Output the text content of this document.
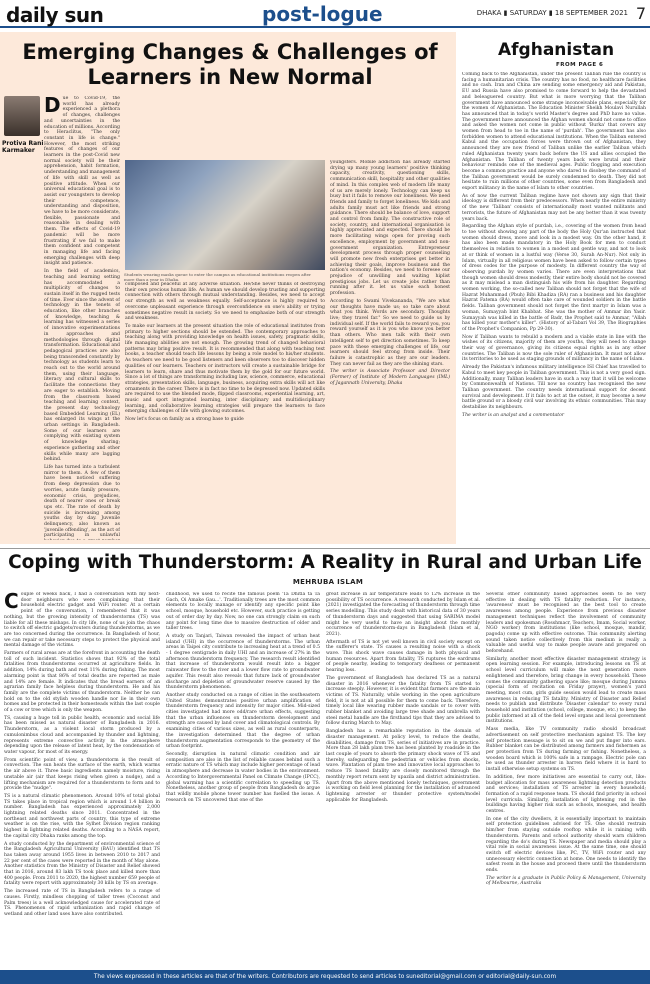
daily sun	post-logue	DHAKA ▮ SATURDAY ▮ 18 SEPTEMBER 2021 7
Emerging Changes & Challenges of Learners in New Normal
Protiva Rani Karmaker

Due to Covid-19, the world has already experienced a plethora of changes, challenges and uncertainties in the education of millions. According to Heraclitus, "The only constant in life is change." However, the most striking features of changes of our learners in the post-Covid new normal society will be their apprehension, habit formation, understanding and management of life with skill as well as positive attitude. When our universal educational goal is to assist our youngsters to develop their competence, understanding and disposition, we have to be more considerate, flexible, passionate and reasonable in dealing with them. The effects of Covid-19 pandemic will be more frustrating if we fail to make them confident and competent in managing life and facing emerging challenges with deep insight and patience.

In the field of academics, teaching and learning setting has accommodated a multiplicity of changes to sustain itself in the rugged tests of time. Ever since the advent of technology in the tenets of education, like other branches of knowledge, teaching & learning has witnessed a series of innovative experimentations in approaches and methodologies through digital transformation. Educational and pedagogical practices are also being transcended constantly by technology as students learn to reach out to the world around them, using their language, literacy and cultural skills to facilitate the connections they are eager to establish. Moving from the classroom based teaching and learning context, the present day technology based Embedded Learning (EL) has enlarged its wings at the urban settings in Bangladesh. Some of our learners are complying with existing system of knowledge sharing; experience gathering and other skills while many are lagging behind.

Life has turned into a turbulent mirror to them. A few of them have been noticed suffering from deep depression due to worries, acute family pressure, economic crisis, prejudices, death of nearer ones or break ups etc. The rate of death by suicide is increasing among youths day by day. Juvenile delinquency, also known as 'juvenile offending', as the act of participating in unlawful

Students wearing masks queue to enter the campus as educational institutions reopen after more than a year in Dhaka.

composed and peaceful at any adverse situation. He/She never thinks of destroying their own precious human life. As human we should develop trusting and supporting connection with others through mutual understanding. Besides, we need to accept our strength as well as weakness equally. Self-acceptance is highly required to overcome unpleasant experience through overconfidence on one's ability or trying sometimes negative result in society. So we need to emphasize both of our strength and weakness.

To make our learners at the present situation the role of educational institutes from primary to higher sections should be extended. The contemporary approaches to teaching along with providing knowledge on health issues, safety, pragmatic skills, life managing abilities are not enough. The growing trend of changed behavioral patterns may bring positive result. It is recommended that along with teaching text books, a teacher should teach life lessons by being a role model to his/her students. As teachers we need to be good listeners and keen observers too to discover hidden qualities of our learners. Teachers or instructors will create a sustainable bridge for learners to learn, share and thus motivate them by the gold for our future world. Since a lot of things are transforming including law, science, commerce, educational strategies, presentation skills, language, business, acquiring extra skills will act like ornaments in the career. There is in fact no time to be depressed now. Updated skills are required to use the blended mode, flipped classrooms, experiential learning, art, music and sport integrated learning, inter disciplinary and multidisciplinary learning, and collaborative learning strategies will prepare the learners to face emerging challenges of life with glowing outcomes.

Now let's focus on family as a strong base to guide

youngsters. Mobile addiction has already started drying up many young learners' positive thinking capacity, creativity, questioning skills, communication skill, hospitality and other qualities of mind. In this complex web of modern life many of us are merely lonely. Technology can keep us busy but it fails to remove our loneliness. We need friends and family to forget loneliness. We kids and adults family must act like friends and strong guidance. There should be balance of love, support and control from family. The constructive role of society, country, and international organisation is highly appreciated and expected. There should be more facilitating wings open for proving such excellence, employment by government and non-government organization. Entrepreneur development process through proper counseling will promote new fresh enterprises get better in achieving their goals, improve business and the nation's economy. Besides, we need to foresee our prejudice of unwilling and waiting hiplist prestigious jobs. Let us create jobs rather than running after it. let us value each honest profession.

According to Swami Vivekananda, "We are what our thoughts have made us; so take care about what you think. Words are secondary. Thoughts live; they travel far." So we need to guide us by individual self. If the world fails to reward you, you reward yourself as it is you who know you better than others. Who men talk with their own intelligent self to get direction sometimes. To keep pace with these emerging challenges of life, our learners should feel strong from inside. Their failure is catastrophic as they are our leaders. They can never fail as they are the shining stars.

The writer is Associate Professor and Director (Former) of Institute of Modern Languages (IML) of Jagannath University, Dhaka

Afghanistan
FROM PAGE 6

Coming back to the Afghanistan, under the present Taliban rule the country is facing a humanitarian crisis. The country has no food, no healthcare facilities and no cash. Iran and China are sending some emergency aid and Pakistan, EU and Russia have also promised to come forward to help the devastated and beleaguered country. But what is more worrying that the Taliban government have announced some strange inconceivable plans, especially for the women of Afghanistan. The Education Minister Sheikh Moulavi Nurullah has announced that in today's world Master's degree and PhD have no value. The government have announced the Afghan women should not come to office and asked the women not come in public without 'Burka' that covers any women from head to toe in the name of 'purdah'. The government has also forbidden women to attend educational institutions. When the Taliban entered Kabul and the occupation forces were thrown out of Afghanistan, they announced they are now friend of Taliban unlike the earlier Taliban which ruled Afghanistan twenty years back before the US and allies occupied the Afghanistan. The Taliban of twenty years back were brutal and their behaviour reminds one of the medieval ages. Public flogging and execution become a common practice and anyone who dared to disobey the command of the Taliban government would be surely condemned to death. They did not hesitate to ruin millions of other countries, some even from Bangladesh and export militancy in the name of Islam to other countries.

As of now the current Taliban regime have not shown any sign that their ideology is different from their predecessors. When nearly the entire ministry of the new 'Taliban' consists of internationally most wanted militants and terrorists, the future of Afghanistan may not be any better than it was twenty years back.

Regarding the Afghan style of purdah, i.e., covering of the women from head to toe without showing any part of the body the Holy Qur'an instructed that women should dress, move and look in a modest way. On the other hand, it has also been made mandatory in the Holy Book for men to conduct themselves in relation to women in a modest and gentle way, and not to look at or think of women in a lustful way (Verse 30, Surah An-Nur). Not only in Islam, virtually in all religious women have been asked to follow certain types of dress codes for the purpose of modesty. In different country the way of observing purdah by women varies. There are even interpretations that though women should dress modestly, their entire body should not be covered as it may mislead a man distinguish his wife from his daughter. Regarding women working, the so-called new Taliban should not forget that the wife of Hazrat Muhammad (Pbuh) Bibi Khadiza (RA) ran a business and his daughter Hazrat Fatema (RA) would often take care of wounded soldiers in the battle fields. Taliban government should not forget the first martyr in Islam was a woman, Sumayyah bint Khabbat. She was the mother of Ammar ibn Yasir. Sumayyah was killed in the battle of Badr, the Prophet said to Ammar, "Allah has killed your mother's killer". (History of al-Tabari Vol 39, The Biographies of the Prophet's Companion, Pp 29-30).

Now if Taliban wants to rebuild a modern and a viable state in line with the wishes of its citizens, majority of them are youths, they will need to change their way of governance, giving its citizens equal rights as in any other countries. The Taliban is now the sole ruler of Afghanistan. It must not allow its territories to be used as staging grounds of militancy in the name of Islam.

Already the Pakistan's infamous military intelligence ISI Chief has travelled to Kabul to meet key people in Taliban government. This is not a very good sign. Additionally, many Taliban leaders have in such a way that it will be welcome by Commonwealth of Nations. Till now no country has recognised the new Taliban government. The country needs international support for decent survival and development. If it fails to act at the outset, it may become a new battle ground or a bloody civil war involving its ethnic communities. This may destabilise its neighbours.

The writer is an analyst and a commentator

Coping with Thunderstorm: A Reality in Rural and Urban Life
MEHRUBA ISLAM

Couple of weeks back, I had a conversation with my next-door neighbours who were complaining that their household electric gadget and WiFi router. At a certain point of the conversation, I remembered that it was nothing, but the growing intensity of thunderstorms (TS) was liable for all these mishaps. In city life, none of us join the chaos to switch off electric gadgets/routers during thunderstorms, as we are too concerned during the occurrence. In Bangladesh of hour, we can repair or take necessary steps to protect the physical and mental damage of the victims.

Farmers of rural areas are at the forefront in accounting the death toll of such incident. Statistics shows that 92% of the total fatalities from thunderstorms occurred at agriculture fields. In addition, 14% during bath and rest 11% during fishing. The most alarming point is that 86% of total deaths are reported as male and 14% are female. It indicates that the bread earners of an agrarian family face helpless during thunderstorm. He and his family are the complete victims of thunderstorm. Neither he can hold on to the old stylish wooden handle nor lie in their own homes and be protected in their homesteads within the last couple of a cow or tree which is only the weapon.

TS, causing a huge toll in public health, economic and social life has been missed as natural disaster of Bangladesh in 2016. Thunderstorm, as a violent local storm produced by a cumulonimbus cloud and accompanied by thunder and lightning, represents extreme convective activity in the atmosphere depending upon the release of latent heat, by the condensation of water vapour, for most of its energy.

From scientific point of view, a thunderstorm is the result of convection. The sun heats the surface of the earth, which warms the air above it. Three basic ingredients namely moisture, rising unstable air (air that keeps rising when given a nudge), and a lifting mechanism are required for a thunderstorm to form and to provide the "nudge".

TS is a natural climatic phenomenon. Around 10% of total global TS takes place in tropical region which is around 1.4 billion in number. Bangladesh has experienced approximately 2,000 lightning related deaths since 2011. Concentrated in the northeast and northwest parts of country, this type of extreme weather is on the rise, with the Sylhet Division region ranking highest in lightning related deaths. According to a NASA report, the capital city Dhaka ranks among the top.

A study conducted by the department of environmental science of the Bangladesh Agricultural University (BAU) identified that TS has taken away around 1955 lives in between 2010 to 2017 and 22 per cent of the cases were reported in the month of May alone. Another statistics from the Ministry of Disaster and Relief showed that in 2016, around 83 lakh TS took place and killed more than 400 people. From 2011 to 2020, the highest number 659 people of fatality were report with approximately 30 kills by TS on average.

The increased rate of TS in Bangladesh refers to a range of causes. Firstly, mindless chopping of taller trees (Coconut and Palm trees) is a well acknowledged cause for accelerated rate of TS. Phenomenon of rapid urbanization and rapid change of wetland and other land uses have also contributed.

childhood, we used to recite the famous poem 'Ta Dhitla ta Ta Gach, Oi Amake Gau...'. Traditionally trees are the most common elements to locally manage or identify any specific point like school, mosque, household etc. However, such practice is getting out of order day by day. Now, no one can strongly claim on such any point for long time due to massive destruction of older and taller trees.

A study on Tanjari, Taiwan revealed the impact of urban heat island (UHI) in the occurrence of thunderstorms. The urban areas in Taipei city contribute to increasing heat at a trend of 0.5 - 1 degree centigrade in daily UHI and an increase of 27% in the afternoon thunderstorm frequency. The research result identified that increase of thunderstorm would result into a bigger rainwater flow to the river and a lower flow rate to groundwater aquifer. This result also reveals that future lack of groundwater discharge and depletion of groundwater reserve caused by the thunderstorm phenomenon.

Another study conducted on a range of cities in the southeastern United States demonstrates positive urban amplification of thunderstorm frequency and intensity for major cities. Mid-sized cities investigated had more odd/rare urban effects, suggesting that the urban influences on thunderstorm development and strength are caused by land cover and climatological controls. By examining cities of various sizes, as well as rural counterparts, the investigation determined that the degree of urban thunderstorm augmentation corresponds to the geometry of the urban footprint.

Secondly, disruption in natural climatic condition and air composition are also in the list of reliable causes behind such a erratic nature of TS which may include higher percentage of lead in atmosphere and decrease in water bodies in the environment. According to Intergovernmental Panel on Climate Change (IPCC), global warming has a scientific correlation to speeding up TS. Nonetheless, another group of people from Bangladesh do argue that wildly mobile phone tower number has fuelled the issue. A research on TS uncovered that one of the

great increase in air temperature leads to 12% increase in the possibility of TS occurrence. A research conducted by Islam et al. (2021) investigated the forecasting of thunderstorm through time series modelling. This study dealt with historical data of 30 years of thunderstorm days and suggested that using SARIMA model might be very useful to have an insight about the monthly occurrence of thunderstorm-days in Bangladesh (Islam et al, 2021).

Aftermath of TS is not yet well known in civil society except on the sufferer's state. TS causes a resulting noise with a shock wave. This shock wave causes damage in both physical and human resources. Apart from fatality, TS ruptures the eardrums of people nearby, leading to temporary deafness or permanent hearing loss.

The government of Bangladesh has declared TS as a natural disaster in 2016 whenever the fatality from TS started to increase steeply. However, it is evident that farmers are the main victims of TS. Naturally, while working in the open agriculture field, it is not at all possible for them to come back. Therefore, timely local like wearing rubber made sandals or to cover with rubber blanket and avoiding large tree shade and umbrella with steel metal handle are the firsthand tips that they are advised to follow during March to May.

Bangladesh has a remarkable reputation in the domain of disaster management. At policy level, to reduce the deaths, disabilities, damage from TS, series of initiatives are in practice. More than 28 lakh plam tree has been planted by roadside in the last couple of years to absorb the primary shock wave of TS and thereby, safeguarding the pedestrian or vehicles from shocks, wave. Plantation of plam tree and innovative local approaches to reduce TS based fatality are closely monitored through the monthly report return sent by upazila and district administration. Apart from the above mentioned lonely techniques, government is working on field level planning for the installation of advanced lightening arrester or thunder protective system/model applicable for Bangladesh.

Several other community based approaches seem to be very effective in dealing with TS fatality reduction. For instance, 'awareness' must be recognised as the best tool to create awareness among people. Experience from previous disaster management techniques reflect the involvement of community leaders and spokesman (Rosshmacr, Teachers, Imam, Social worker, NGO worker) from institutions (like school, mosque, mandir, pagoda) come up with effective outcome. This community alerting sound taken notice collectively from this medium is really a valuable and useful way to make people aware and prepared on beforehand.

Similarly, another most effective disaster management strategy is open learning session. For example, introducing lessons on TS at school level curriculum will make the next generation more enlightened and therefore, bring change in every household. These comes the community gathering space like; mosque during Jumma (special form of recitation on Friday prayer), women's yard meeting, moot cum, girls guide session would lead to create mass awareness in reducing TS fatality. Ministry of Disaster and Relief needs to publish and distribute 'Disaster calendar' to every rural household and institution (school, college, mosque, etc.) to keep the public informed at all of the field level organs and local government institutions.

Mass media, like TV community radio should broadcast advertisement on self protective mechanism against TS. The key self protection message is to sit on we and put finger into ears. Rubber blanket can be distributed among farmers and fishermen as per protection from TS during farming or fishing. Nonetheless, a wooden board which is 100% safe in a rampage. Electric pole can be used as thunder arrester in barren field where it is hard to install otherwise setup systems on TS.

In addition, few more initiatives are essential to carry out, like: budget allocation for mass awareness lightning detection products and services; installation of TS arrester in every household; formation of a rapid response team. TS should find priority in school level curricula. Similarly, installation of lightening rod in the buildings having higher risk such as schools, mosques, and health centres.

In one of the city dwellers, it is essentially important to maintain self protection guidelines advised for TS. One should restrain him/her from staying outside rooftop while it is raining with thunderstorm. Parents and school authority should warn children regarding the do's during TS. Newspaper and media should play a vital role in social awareness issue. At the same time, one should switch off electric devices like, PC, TV, WiFi router and any unnecessary electric connection at home. One needs to identify the safest room in the house and proceed there until the thunderstorm ends.

The writer is a graduate in Public Policy & Management, University of Melbourne, Australia

The views expressed in these articles are that of the writers. Contributors are requested to send articles to suneditorial@gmail.com or editorial@daily-sun.com
